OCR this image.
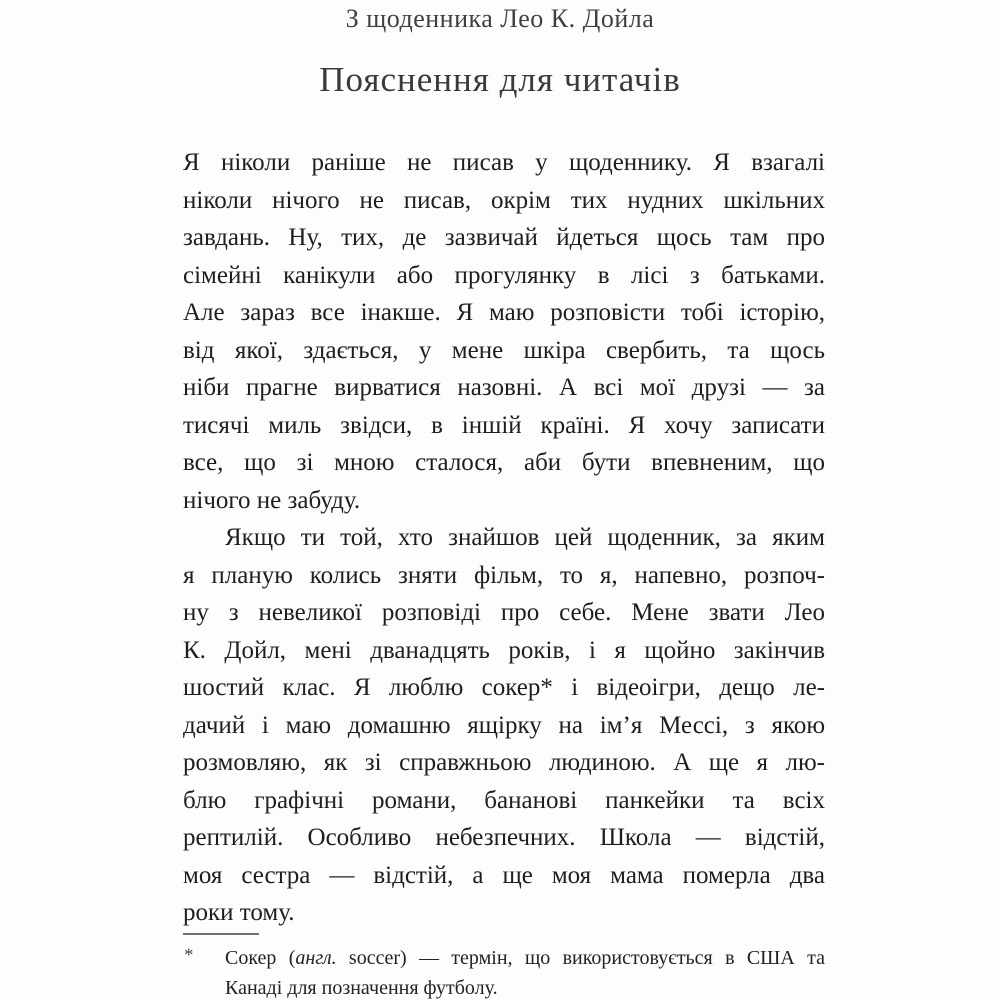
З щоденника Лео К. Дойла
Пояснення для читачів
Я ніколи раніше не писав у щоденнику. Я взагалі
ніколи нічого не писав, окрім тих нудних шкільних
завдань. Ну, тих, де зазвичай йдеться щось там про
сімейні канікули або прогулянку в лісі з батьками.
Але зараз все інакше. Я маю розповісти тобі історію,
від якої, здається, у мене шкіра свербить, та щось
ніби прагне вирватися назовні. А всі мої друзі — за
тисячі миль звідси, в іншій країні. Я хочу записати
все, що зі мною сталося, аби бути впевненим, що
нічого не забуду.
Якщо ти той, хто знайшов цей щоденник, за яким
я планую колись зняти фільм, то я, напевно, розпоч-
ну з невеликої розповіді про себе. Мене звати Лео
К. Дойл, мені дванадцять років, і я щойно закінчив
шостий клас. Я люблю сокер* і відеоігри, дещо ле-
дачий і маю домашню ящірку на ім’я Мессі, з якою
розмовляю, як зі справжньою людиною. А ще я лю-
блю графічні романи, бананові панкейки та всіх
рептилій. Особливо небезпечних. Школа — відстій,
моя сестра — відстій, а ще моя мама померла два
роки тому.
* Сокер (англ. soccer) — термін, що використовується в США та
Канаді для позначення футболу.
